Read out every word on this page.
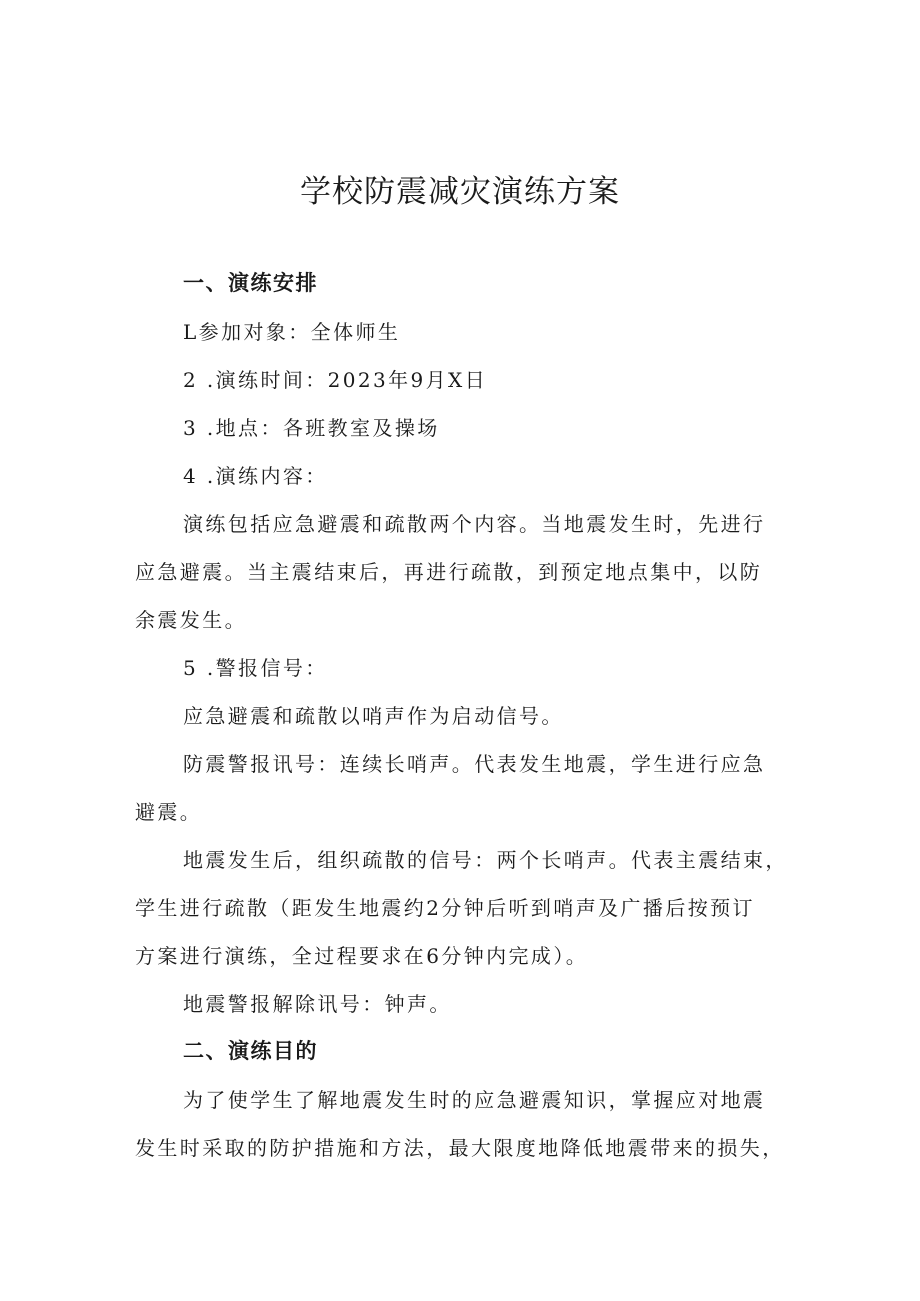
学校防震减灾演练方案
一、演练安排

L参加对象：全体师生

2 .演练时间：2023年9月X日

3 .地点：各班教室及操场

4 .演练内容：

演练包括应急避震和疏散两个内容。当地震发生时，先进行

应急避震。当主震结束后，再进行疏散，到预定地点集中，以防

余震发生。

5 .警报信号：

应急避震和疏散以哨声作为启动信号。

防震警报讯号：连续长哨声。代表发生地震，学生进行应急

避震。

地震发生后，组织疏散的信号：两个长哨声。代表主震结束，

学生进行疏散（距发生地震约2分钟后听到哨声及广播后按预订

方案进行演练，全过程要求在6分钟内完成）。

地震警报解除讯号：钟声。

二、演练目的

为了使学生了解地震发生时的应急避震知识，掌握应对地震

发生时采取的防护措施和方法，最大限度地降低地震带来的损失，
